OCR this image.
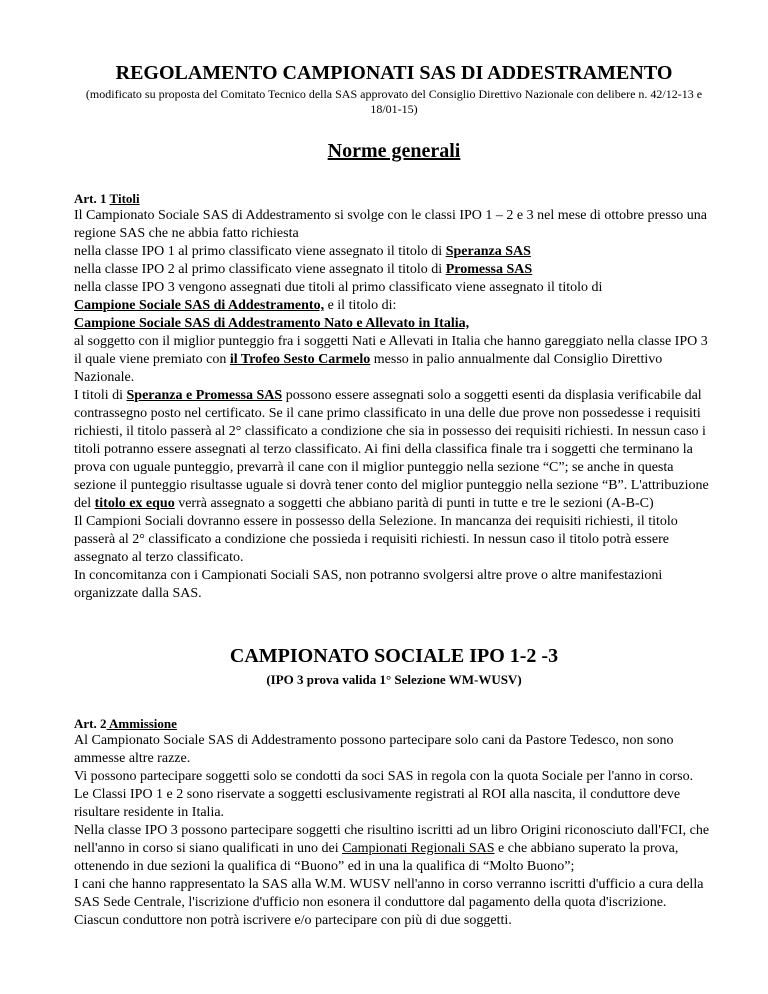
REGOLAMENTO CAMPIONATI SAS DI ADDESTRAMENTO

(modificato su proposta del Comitato Tecnico della SAS approvato del Consiglio Direttivo Nazionale con delibere n. 42/12-13 e 18/01-15)

Norme generali

Art. 1 Titoli

Il Campionato Sociale SAS di Addestramento si svolge con le classi IPO 1 – 2 e 3 nel mese di ottobre presso una regione SAS che ne abbia fatto richiesta

nella classe IPO 1 al primo classificato viene assegnato il titolo di Speranza SAS

nella classe IPO 2 al primo classificato viene assegnato il titolo di Promessa SAS

nella classe IPO 3 vengono assegnati due titoli al primo classificato viene assegnato il titolo di

Campione Sociale SAS di Addestramento, e il titolo di:

Campione Sociale SAS di Addestramento Nato e Allevato in Italia,

al soggetto con il miglior punteggio fra i soggetti Nati e Allevati in Italia che hanno gareggiato nella classe IPO 3 il quale viene premiato con il Trofeo Sesto Carmelo messo in palio annualmente dal Consiglio Direttivo Nazionale.

I titoli di Speranza e Promessa SAS possono essere assegnati solo a soggetti esenti da displasia verificabile dal contrassegno posto nel certificato. Se il cane primo classificato in una delle due prove non possedesse i requisiti richiesti, il titolo passerà al 2° classificato a condizione che sia in possesso dei requisiti richiesti. In nessun caso i titoli potranno essere assegnati al terzo classificato. Ai fini della classifica finale tra i soggetti che terminano la prova con uguale punteggio, prevarrà il cane con il miglior punteggio nella sezione “C”; se anche in questa sezione il punteggio risultasse uguale si dovrà tener conto del miglior punteggio nella sezione “B”. L'attribuzione del titolo ex equo verrà assegnato a soggetti che abbiano parità di punti in tutte e tre le sezioni (A-B-C)

Il Campioni Sociali dovranno essere in possesso della Selezione. In mancanza dei requisiti richiesti, il titolo passerà al 2° classificato a condizione che possieda i requisiti richiesti. In nessun caso il titolo potrà essere assegnato al terzo classificato.

In concomitanza con i Campionati Sociali SAS, non potranno svolgersi altre prove o altre manifestazioni organizzate dalla SAS.

CAMPIONATO SOCIALE IPO 1-2 -3

(IPO 3 prova valida 1° Selezione WM-WUSV)

Art. 2 Ammissione

Al Campionato Sociale SAS di Addestramento possono partecipare solo cani da Pastore Tedesco, non sono ammesse altre razze.

Vi possono partecipare soggetti solo se condotti da soci SAS in regola con la quota Sociale per l'anno in corso.

Le Classi IPO 1 e 2 sono riservate a soggetti esclusivamente registrati al ROI alla nascita, il conduttore deve risultare residente in Italia.

Nella classe IPO 3 possono partecipare soggetti che risultino iscritti ad un libro Origini riconosciuto dall'FCI, che nell'anno in corso si siano qualificati in uno dei Campionati Regionali SAS e che abbiano superato la prova, ottenendo in due sezioni la qualifica di “Buono” ed in una la qualifica di “Molto Buono”;

I cani che hanno rappresentato la SAS alla W.M. WUSV nell'anno in corso verranno iscritti d'ufficio a cura della SAS Sede Centrale, l'iscrizione d'ufficio non esonera il conduttore dal pagamento della quota d'iscrizione.

Ciascun conduttore non potrà iscrivere e/o partecipare con più di due soggetti.
